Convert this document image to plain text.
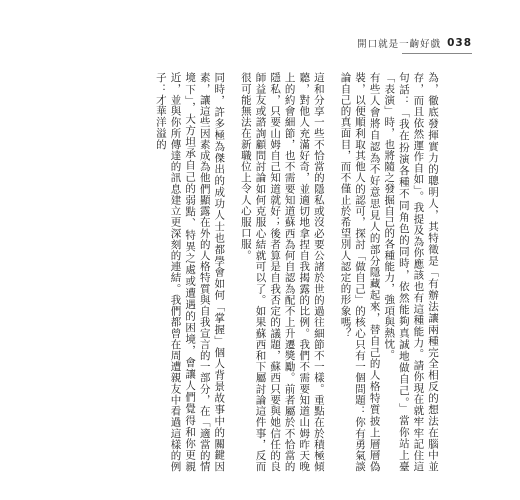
開口就是一齣好戲 038

為，徹底發揮實力的聰明人，其特徵是「有辦法讓兩種完全相反的想法在腦中並存，而且依然運作自如」。我提及為你應該也有這種能力。請你現在就牢牢記住這句話：「我在扮演各種不同角色的同時，依然能夠真誠地做自己。」當你站上臺「表演」時，也將隨之發掘自己的各種能力，強項與熱忱。

有些人會將自認為不好意思見人的部分隱藏起來，替自己的人格特質披上層層偽裝，以便順利取其他人的認可，探討「做自己」的核心只有一個問題：你有勇氣談論自己的真面目，而不僅止於希望別人認定的形象嗎？

這和分享一些不恰當的隱私或沒必要公諸於世的過往細節不一樣。重點在於積極傾聽，對他人充滿好奇，並適切地拿捏自我揭露的比例。我們不需要知道山姆昨天晚上的約會細節，也不需要知道蘇西為何自認為配不上升遷獎勵。前者屬於不恰當的隱私，只要山姆自己知道就好；後者算是自我否定的議題，蘇西只要與她信任的良師益友或諮詢顧問討論如何克服心結就可以了。如果蘇西和下屬討論這件事，反而很可能無法在新職位上令人心服口服。

同時，許多極為傑出的成功人士也都學會如何「掌握」個人背景故事中的關鍵因素，讓這些因素成為他們顯露在外的人格特質與自我宣言的一部分，在「適當的情境下」，大方坦承自己的弱點、特異之處或遭遇的困境，會讓人們覺得和你更親近，並與你所傳達的訊息建立更深刻的連結。我們都曾在周遭親友中看過這樣的例子：才華洋溢的
